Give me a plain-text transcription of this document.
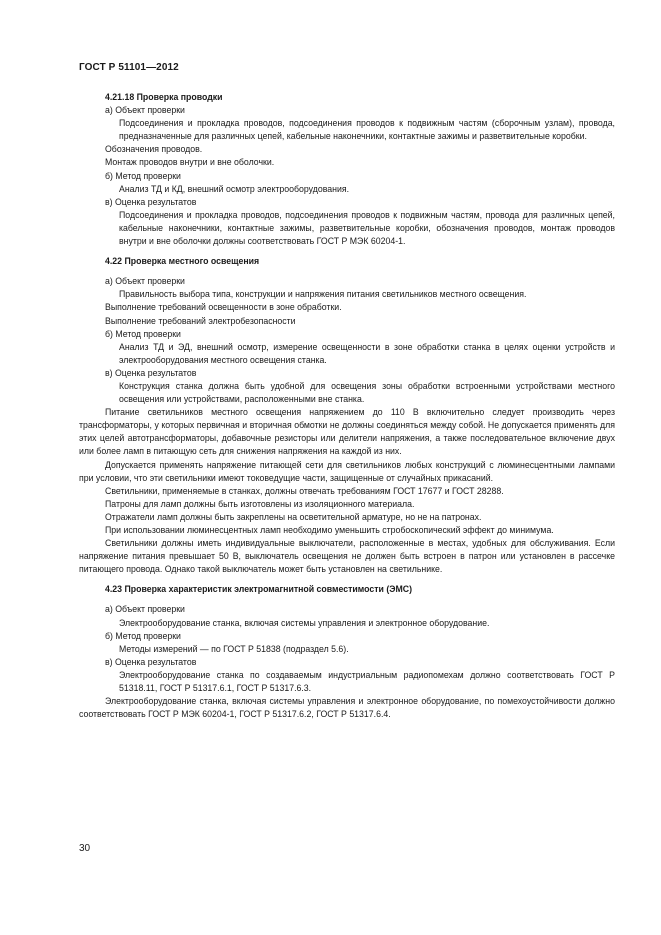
ГОСТ Р 51101—2012

4.21.18 Проверка проводки

а) Объект проверки

Подсоединения и прокладка проводов, подсоединения проводов к подвижным частям (сборочным узлам), провода, предназначенные для различных цепей, кабельные наконечники, контактные зажимы и разветвительные коробки.

Обозначения проводов.

Монтаж проводов внутри и вне оболочки.

б) Метод проверки

Анализ ТД и КД, внешний осмотр электрооборудования.

в) Оценка результатов

Подсоединения и прокладка проводов, подсоединения проводов к подвижным частям, провода для различных цепей, кабельные наконечники, контактные зажимы, разветвительные коробки, обозначения проводов, монтаж проводов внутри и вне оболочки должны соответствовать ГОСТ Р МЭК 60204-1.

4.22 Проверка местного освещения

а) Объект проверки

Правильность выбора типа, конструкции и напряжения питания светильников местного освещения.

Выполнение требований освещенности в зоне обработки.

Выполнение требований электробезопасности

б) Метод проверки

Анализ ТД и ЭД, внешний осмотр, измерение освещенности в зоне обработки станка в целях оценки устройств и электрооборудования местного освещения станка.

в) Оценка результатов

Конструкция станка должна быть удобной для освещения зоны обработки встроенными устройствами местного освещения или устройствами, расположенными вне станка.

Питание светильников местного освещения напряжением до 110 В включительно следует производить через трансформаторы, у которых первичная и вторичная обмотки не должны соединяться между собой. Не допускается применять для этих целей автотрансформаторы, добавочные резисторы или делители напряжения, а также последовательное включение двух или более ламп в питающую сеть для снижения напряжения на каждой из них.

Допускается применять напряжение питающей сети для светильников любых конструкций с люминесцентными лампами при условии, что эти светильники имеют токоведущие части, защищенные от случайных прикасаний.

Светильники, применяемые в станках, должны отвечать требованиям ГОСТ 17677 и ГОСТ 28288.

Патроны для ламп должны быть изготовлены из изоляционного материала.

Отражатели ламп должны быть закреплены на осветительной арматуре, но не на патронах.

При использовании люминесцентных ламп необходимо уменьшить стробоскопический эффект до минимума.

Светильники должны иметь индивидуальные выключатели, расположенные в местах, удобных для обслуживания. Если напряжение питания превышает 50 В, выключатель освещения не должен быть встроен в патрон или установлен в рассечке питающего провода. Однако такой выключатель может быть установлен на светильнике.

4.23 Проверка характеристик электромагнитной совместимости (ЭМС)

а) Объект проверки

Электрооборудование станка, включая системы управления и электронное оборудование.

б) Метод проверки

Методы измерений — по ГОСТ Р 51838 (подраздел 5.6).

в) Оценка результатов

Электрооборудование станка по создаваемым индустриальным радиопомехам должно соответствовать ГОСТ Р 51318.11, ГОСТ Р 51317.6.1, ГОСТ Р 51317.6.3.

Электрооборудование станка, включая системы управления и электронное оборудование, по помехоустойчивости должно соответствовать ГОСТ Р МЭК 60204-1, ГОСТ Р 51317.6.2, ГОСТ Р 51317.6.4.

30
